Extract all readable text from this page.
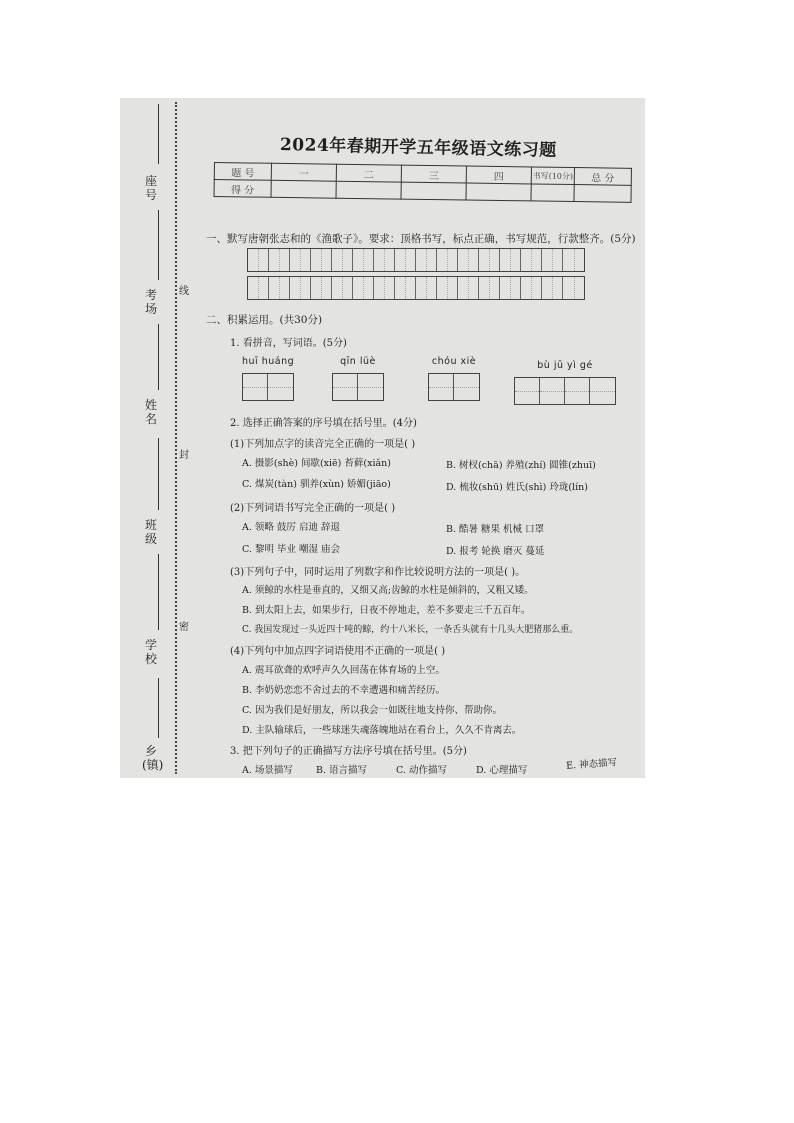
座号
考场
姓名
班级
学校
乡(镇)
线
封
密
2024年春期开学五年级语文练习题
题 号	一	二	三	四	书写(10分)	总 分
得 分						
一、默写唐朝张志和的《渔歌子》。要求：顶格书写，标点正确，书写规范，行款整齐。(5分)
二、积累运用。(共30分)
1. 看拼音，写词语。(5分)
huī huáng	qīn lüè	chóu xiè	bù jū yì gé
2. 选择正确答案的序号填在括号里。(4分)
(1)下列加点字的读音完全正确的一项是( )
A. 摄影(shè) 间歇(xiē) 苔藓(xiǎn)	B. 树杈(chā) 养殖(zhí) 圆锥(zhuī)
C. 煤炭(tàn) 驯养(xùn) 娇媚(jiāo)	D. 梳妆(shū) 姓氏(shì) 玲珑(lín)
(2)下列词语书写完全正确的一项是( )
A. 领略 鼓厉 启迪 辞退	B. 酷暑 糖果 机械 口罩
C. 黎明 毕业 嘲湿 庙会	D. 报考 轮换 磨灭 蔓延
(3)下列句子中，同时运用了列数字和作比较说明方法的一项是( )。
A. 须鲸的水柱是垂直的，又细又高;齿鲸的水柱是倾斜的，又粗又矮。
B. 到太阳上去，如果步行，日夜不停地走，差不多要走三千五百年。
C. 我国发现过一头近四十吨的鲸，约十八米长，一条舌头就有十几头大肥猪那么重。
(4)下列句中加点四字词语使用不正确的一项是( )
A. 震耳欲聋的欢呼声久久回荡在体育场的上空。
B. 李奶奶恋恋不舍过去的不幸遭遇和痛苦经历。
C. 因为我们是好朋友，所以我会一如既往地支持你、帮助你。
D. 主队输球后，一些球迷失魂落魄地站在看台上，久久不肯离去。
3. 把下列句子的正确描写方法序号填在括号里。(5分)
A. 场景描写 B. 语言描写	C. 动作描写	D. 心理描写	E. 神态描写
